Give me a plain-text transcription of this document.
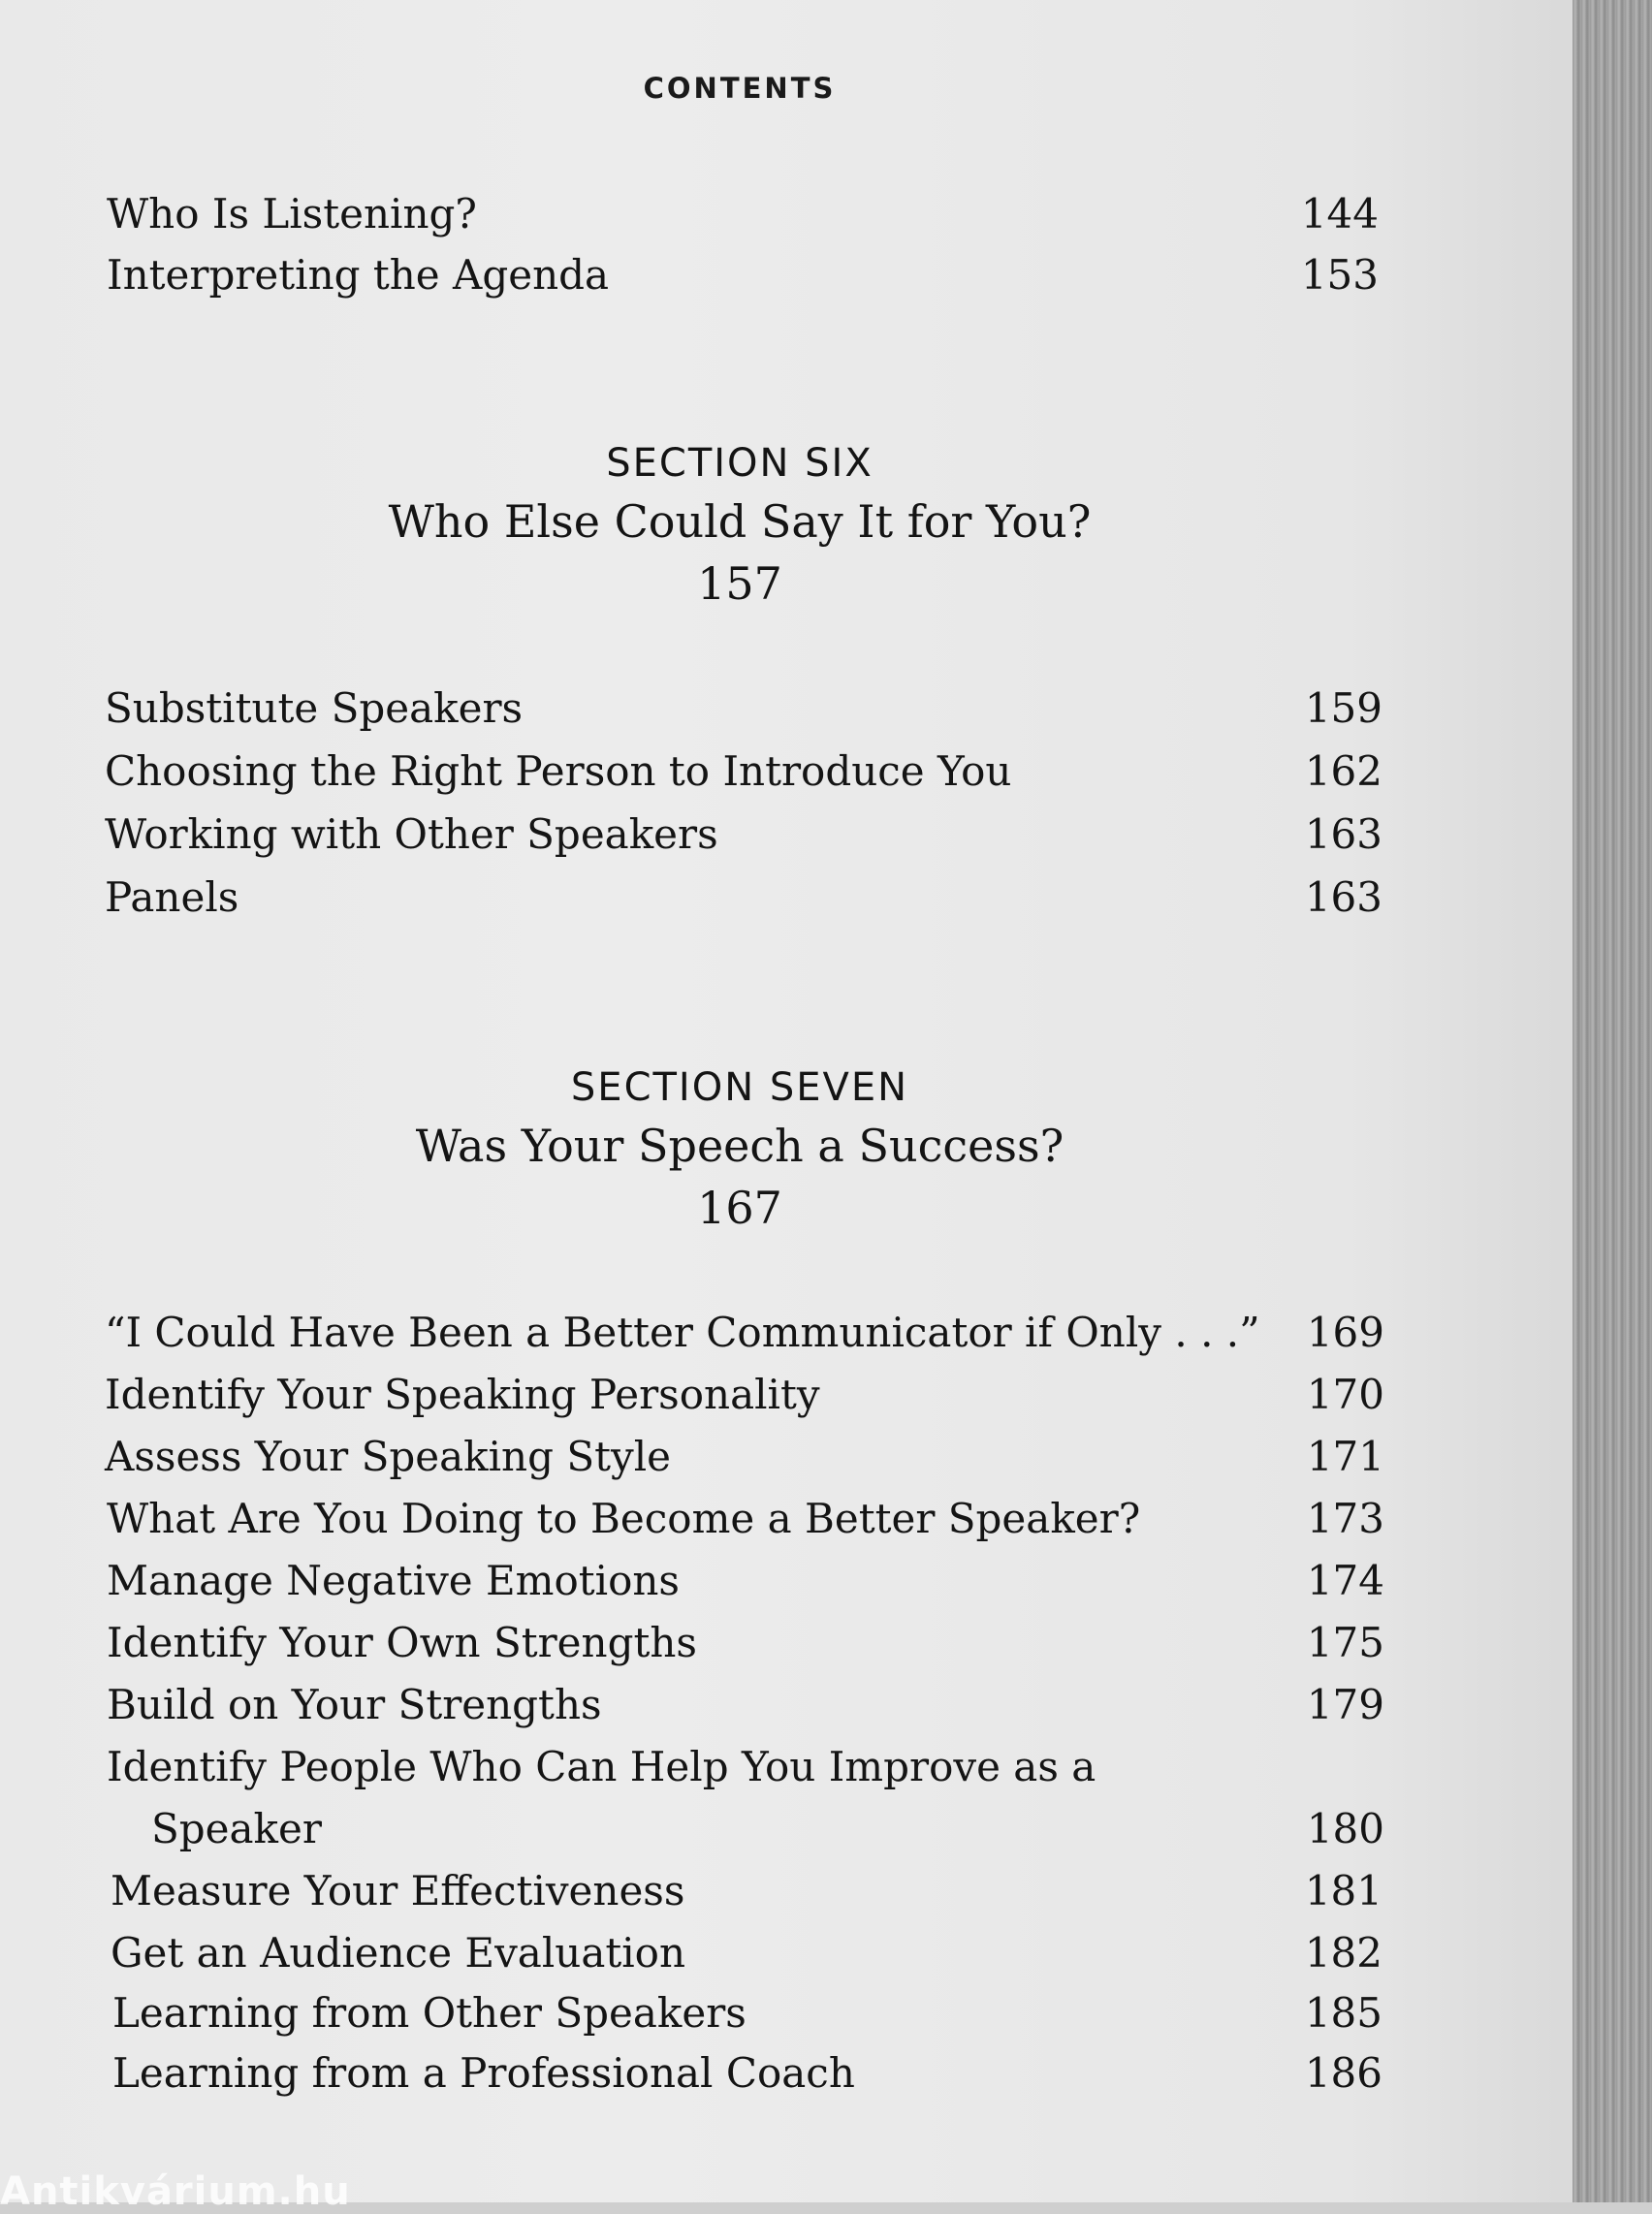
CONTENTS
Who Is Listening?	144
Interpreting the Agenda	153
SECTION SIX
Who Else Could Say It for You?
157
Substitute Speakers	159
Choosing the Right Person to Introduce You	162
Working with Other Speakers	163
Panels	163
SECTION SEVEN
Was Your Speech a Success?
167
“I Could Have Been a Better Communicator if Only . . .” 169
Identify Your Speaking Personality	170
Assess Your Speaking Style	171
What Are You Doing to Become a Better Speaker?	173
Manage Negative Emotions	174
Identify Your Own Strengths	175
Build on Your Strengths	179
Identify People Who Can Help You Improve as a
Speaker	180
Measure Your Effectiveness	181
Get an Audience Evaluation	182
Learning from Other Speakers	185
Learning from a Professional Coach	186
Antikvárium.hu
